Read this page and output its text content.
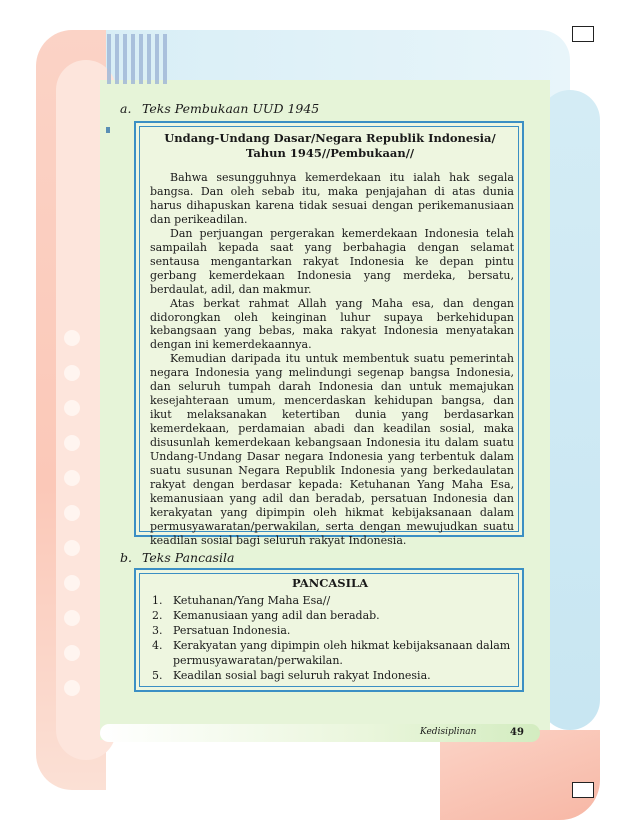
a. Teks Pembukaan UUD 1945
Undang-Undang Dasar/Negara Republik Indonesia/
Tahun 1945//Pembukaan//

Bahwa sesungguhnya kemerdekaan itu ialah hak segala bangsa. Dan oleh sebab itu, maka penjajahan di atas dunia harus dihapuskan karena tidak sesuai dengan perikemanusiaan dan perikeadilan.

Dan perjuangan pergerakan kemerdekaan Indonesia telah sampailah kepada saat yang berbahagia dengan selamat sentausa mengantarkan rakyat Indonesia ke depan pintu gerbang kemerdekaan Indonesia yang merdeka, bersatu, berdaulat, adil, dan makmur.

Atas berkat rahmat Allah yang Maha esa, dan dengan didorongkan oleh keinginan luhur supaya berkehidupan kebangsaan yang bebas, maka rakyat Indonesia menyatakan dengan ini kemerdekaannya.

Kemudian daripada itu untuk membentuk suatu pemerintah negara Indonesia yang melindungi segenap bangsa Indonesia, dan seluruh tumpah darah Indonesia dan untuk memajukan kesejahteraan umum, mencerdaskan kehidupan bangsa, dan ikut melaksanakan ketertiban dunia yang berdasarkan kemerdekaan, perdamaian abadi dan keadilan sosial, maka disusunlah kemerdekaan kebangsaan Indonesia itu dalam suatu Undang-Undang Dasar negara Indonesia yang terbentuk dalam suatu susunan Negara Republik Indonesia yang berkedaulatan rakyat dengan berdasar kepada: Ketuhanan Yang Maha Esa, kemanusiaan yang adil dan beradab, persatuan Indonesia dan kerakyatan yang dipimpin oleh hikmat kebijaksanaan dalam permusyawaratan/perwakilan, serta dengan mewujudkan suatu keadilan sosial bagi seluruh rakyat Indonesia.

b. Teks Pancasila
PANCASILA
1. Ketuhanan/Yang Maha Esa//
2. Kemanusiaan yang adil dan beradab.
3. Persatuan Indonesia.
4. Kerakyatan yang dipimpin oleh hikmat kebijaksanaan dalam permusyawaratan/perwakilan.
5. Keadilan sosial bagi seluruh rakyat Indonesia.
Kedisiplinan	49
